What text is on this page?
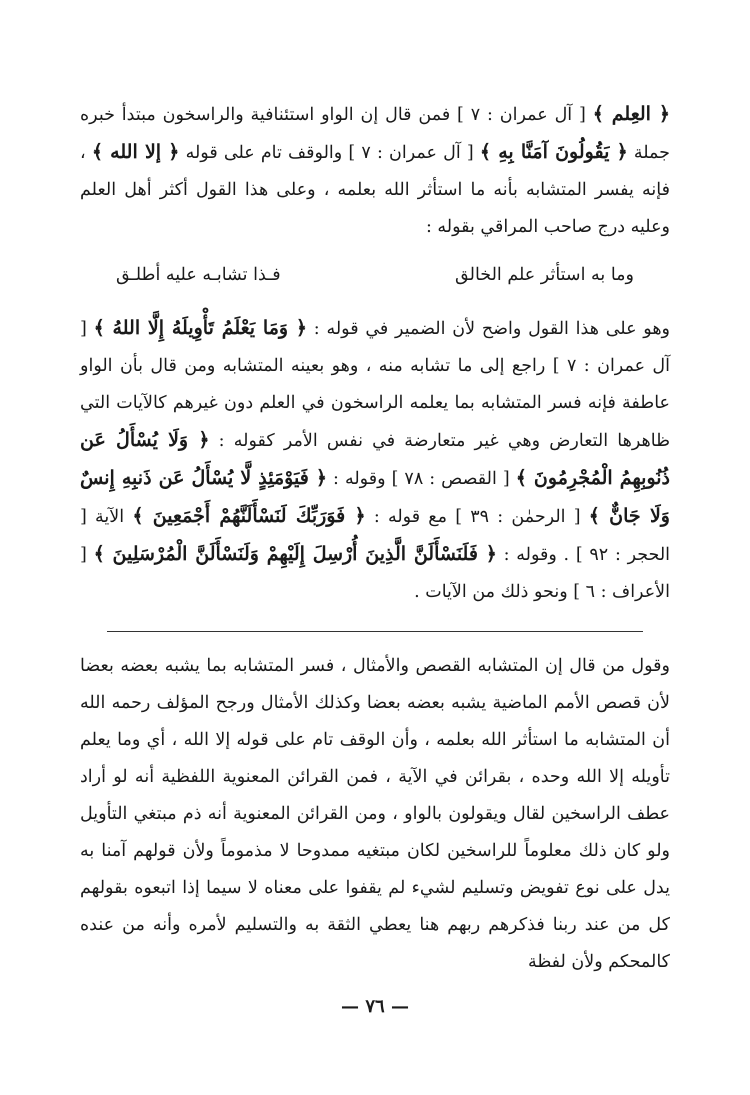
﴿ العِلم ﴾ [ آل عمران : ٧ ] فمن قال إن الواو استئنافية والراسخون مبتدأ خبره جملة ﴿ يَقُولُونَ آمَنَّا بِهِ ﴾ [ آل عمران : ٧ ] والوقف تام على قوله ﴿ إلا الله ﴾ ، فإنه يفسر المتشابه بأنه ما استأثر الله بعلمه ، وعلى هذا القول أكثر أهل العلم وعليه درج صاحب المراقي بقوله :

وما به استأثر علم الخالق
فـذا تشابـه عليه أطلـق

وهو على هذا القول واضح لأن الضمير في قوله : ﴿ وَمَا يَعْلَمُ تَأْوِيلَهُ إِلَّا اللهُ ﴾ [ آل عمران : ٧ ] راجع إلى ما تشابه منه ، وهو بعينه المتشابه ومن قال بأن الواو عاطفة فإنه فسر المتشابه بما يعلمه الراسخون في العلم دون غيرهم كالآيات التي ظاهرها التعارض وهي غير متعارضة في نفس الأمر كقوله : ﴿ وَلَا يُسْأَلُ عَن ذُنُوبِهِمُ الْمُجْرِمُونَ ﴾ [ القصص : ٧٨ ] وقوله : ﴿ فَيَوْمَئِذٍ لَّا يُسْأَلُ عَن ذَنبِهِ إِنسٌ وَلَا جَانٌّ ﴾ [ الرحمٰن : ٣٩ ] مع قوله : ﴿ فَوَرَبِّكَ لَنَسْأَلَنَّهُمْ أَجْمَعِينَ ﴾ الآية [ الحجر : ٩٢ ] . وقوله : ﴿ فَلَنَسْأَلَنَّ الَّذِينَ أُرْسِلَ إِلَيْهِمْ وَلَنَسْأَلَنَّ الْمُرْسَلِينَ ﴾ [ الأعراف : ٦ ] ونحو ذلك من الآيات .

وقول من قال إن المتشابه القصص والأمثال ، فسر المتشابه بما يشبه بعضه بعضا لأن قصص الأمم الماضية يشبه بعضه بعضا وكذلك الأمثال ورجح المؤلف رحمه الله أن المتشابه ما استأثر الله بعلمه ، وأن الوقف تام على قوله إلا الله ، أي وما يعلم تأويله إلا الله وحده ، بقرائن في الآية ، فمن القرائن المعنوية اللفظية أنه لو أراد عطف الراسخين لقال ويقولون بالواو ، ومن القرائن المعنوية أنه ذم مبتغي التأويل ولو كان ذلك معلوماً للراسخين لكان مبتغيه ممدوحا لا مذموماً ولأن قولهم آمنا به يدل على نوع تفويض وتسليم لشيء لم يقفوا على معناه لا سيما إذا اتبعوه بقولهم كل من عند ربنا فذكرهم ربهم هنا يعطي الثقة به والتسليم لأمره وأنه من عنده كالمحكم ولأن لفظة

— ٧٦ —
